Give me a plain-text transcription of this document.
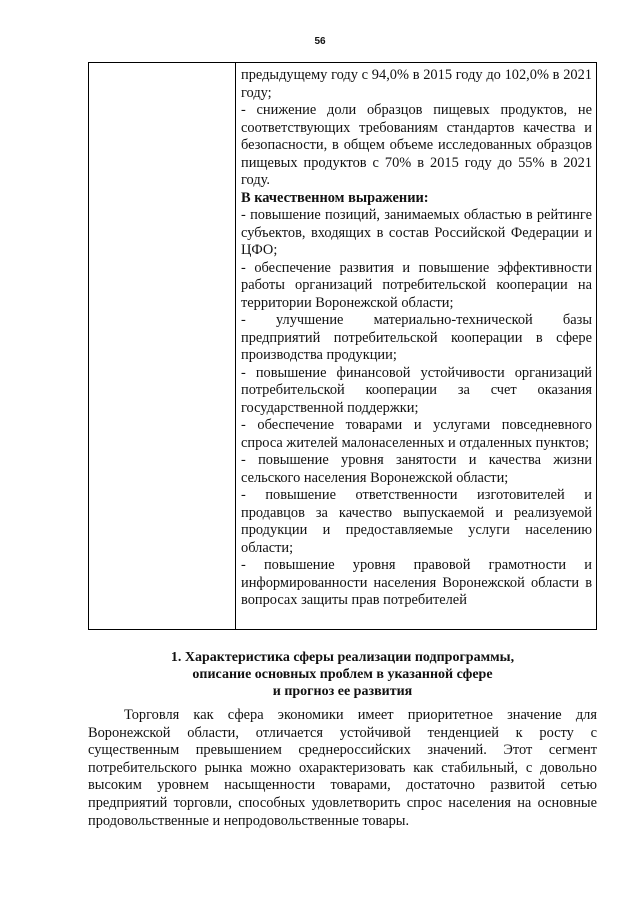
56

предыдущему году с 94,0% в 2015 году до 102,0% в 2021 году;

- снижение доли образцов пищевых продуктов, не соответствующих требованиям стандартов качества и безопасности, в общем объеме исследованных образцов пищевых продуктов с 70% в 2015 году до 55% в 2021 году.

В качественном выражении:

- повышение позиций, занимаемых областью в рейтинге субъектов, входящих в состав Российской Федерации и ЦФО;

- обеспечение развития и повышение эффективности работы организаций потребительской кооперации на территории Воронежской области;

- улучшение материально-технической базы предприятий потребительской кооперации в сфере производства продукции;

- повышение финансовой устойчивости организаций потребительской кооперации за счет оказания государственной поддержки;

- обеспечение товарами и услугами повседневного спроса жителей малонаселенных и отдаленных пунктов;

- повышение уровня занятости и качества жизни сельского населения Воронежской области;

- повышение ответственности изготовителей и продавцов за качество выпускаемой и реализуемой продукции и предоставляемые услуги населению области;

- повышение уровня правовой грамотности и информированности населения Воронежской области в вопросах защиты прав потребителей

1. Характеристика сферы реализации подпрограммы,
описание основных проблем в указанной сфере
и прогноз ее развития

Торговля как сфера экономики имеет приоритетное значение для Воронежской области, отличается устойчивой тенденцией к росту с существенным превышением среднероссийских значений. Этот сегмент потребительского рынка можно охарактеризовать как стабильный, с довольно высоким уровнем насыщенности товарами, достаточно развитой сетью предприятий торговли, способных удовлетворить спрос населения на основные продовольственные и непродовольственные товары.
